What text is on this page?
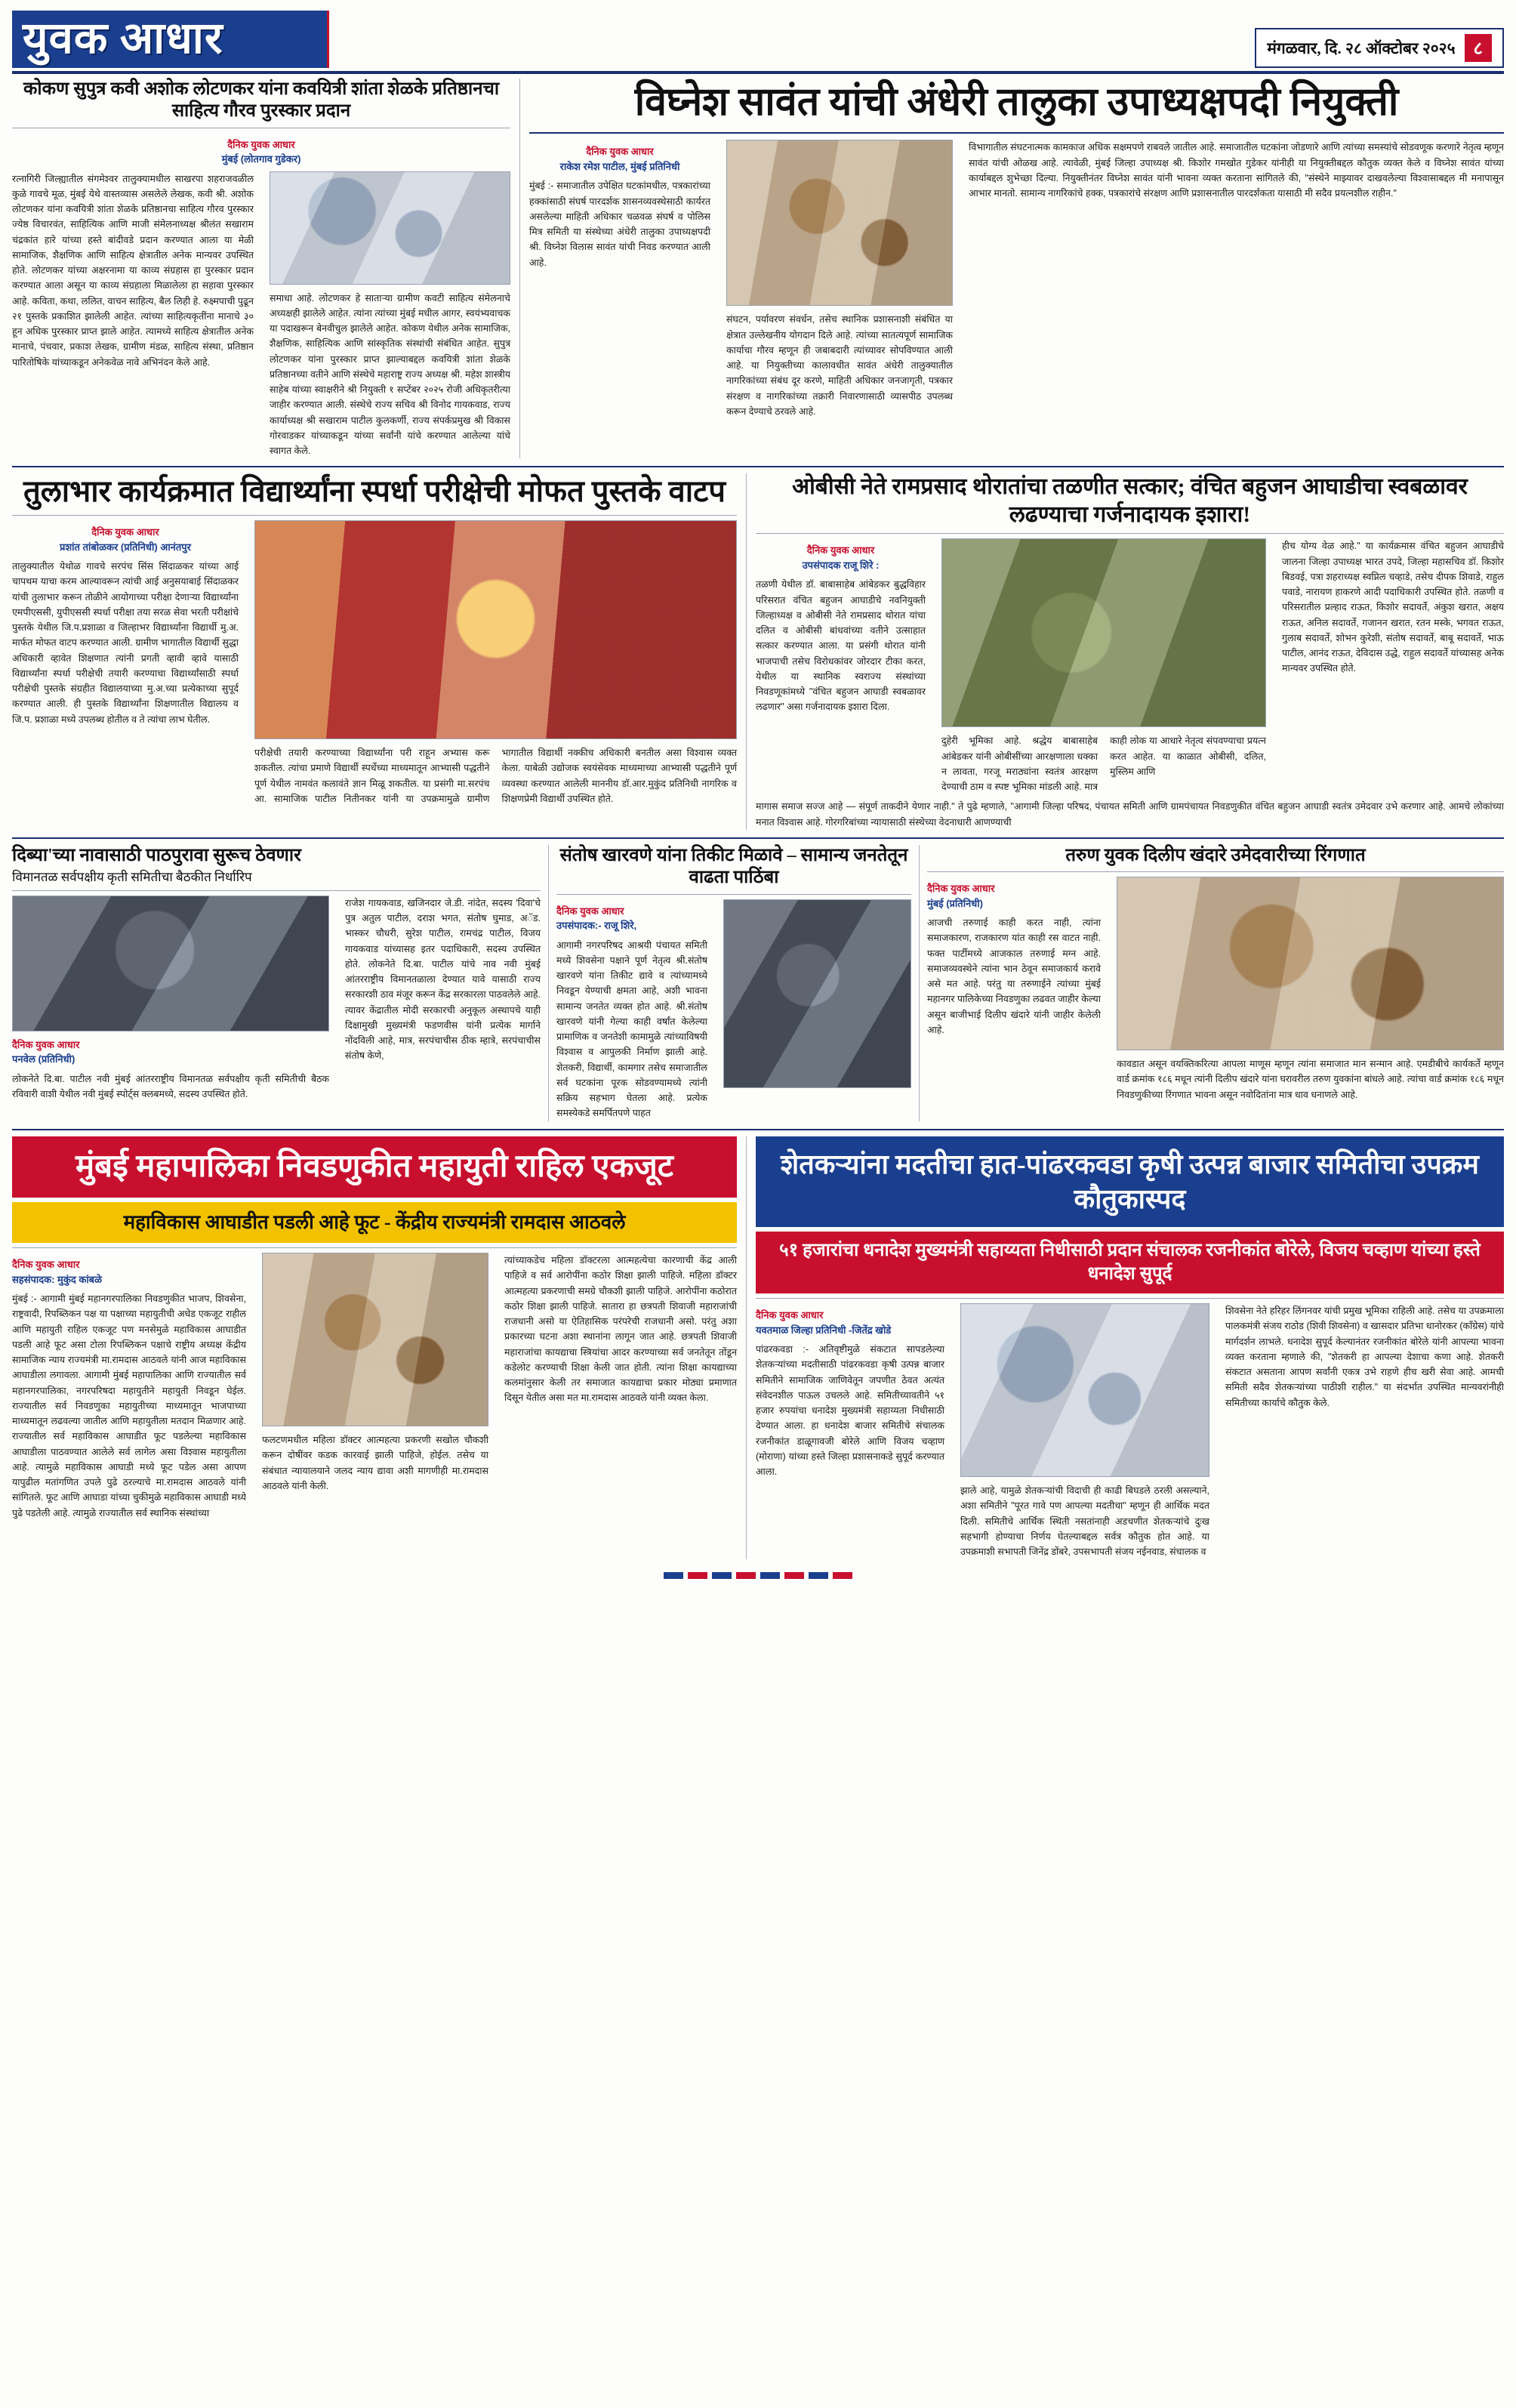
युवक आधार	मंगळवार, दि. २८ ऑक्टोबर २०२५	८
कोकण सुपुत्र कवी अशोक लोटणकर यांना कवयित्री शांता शेळके प्रतिष्ठानचा साहित्य गौरव पुरस्कार प्रदान
दैनिक युवक आधार
मुंबई (लोतगाव गुडेकर)
रत्नागिरी जिल्ह्यातील संगमेश्वर तालुक्यामधील साखरपा शहराजवळील कुळे गावचे मूळ, मुंबई येथे वास्तव्यास असलेले लेखक, कवी श्री. अशोक लोटणकर यांना कवयित्री शांता शेळके प्रतिष्ठानचा साहित्य गौरव पुरस्कार ज्येष्ठ विचारवंत, साहित्यिक आणि माजी संमेलनाध्यक्ष श्रीलंत सखाराम चंद्रकांत हारे यांच्या हस्ते बांदीवडे प्रदान करण्यात आला या मेळी सामाजिक, शैक्षणिक आणि साहित्य क्षेत्रातील अनेक मान्यवर उपस्थित होते. लोटणकर यांच्या अक्षरनामा या काव्य संग्रहास हा पुरस्कार प्रदान करण्यात आला असून या काव्य संग्रहाला मिळालेला हा सहावा पुरस्कार आहे. कविता, कथा, ललित, वाचन साहित्य, बैल लिही हे. रुक्ष्मपाची पुढून २१ पुस्तके प्रकाशित झालेली आहेत. त्यांच्या साहित्यकृतींना मानाचे ३० हून अधिक पुरस्कार प्राप्त झाले आहेत. त्यामध्ये साहित्य क्षेत्रातील अनेक मानाचे, पंचवार, प्रकाश लेखक, ग्रामीण मंडळ, साहित्य संस्था, प्रतिष्ठान पारितोषिके यांच्याकडून अनेकवेळ नावे अभिनंदन केले आहे.
समाधा आहे. लोटणकर हे साताऱ्या ग्रामीण कवटी साहित्य संमेलनाचे अध्यक्षही झालेले आहेत. त्यांना त्यांच्या मुंबई मधील आगर, स्वयंभ्यवाचक या पदाखरून बेनवीचुल झालेले आहेत. कोकण येथील अनेक सामाजिक, शैक्षणिक, साहित्यिक आणि सांस्कृतिक संस्थांची संबंधित आहेत. सुपुत्र लोटणकर यांना पुरस्कार प्राप्त झाल्याबद्दल कवयित्री शांता शेळके प्रतिष्ठानच्या वतीने आणि संस्थेचे महाराष्ट्र राज्य अध्यक्ष श्री. महेश शास्त्रीय साहेब यांच्या स्वाक्षरीने श्री नियुक्ती १ सप्टेंबर २०२५ रोजी अधिकृतरीत्या जाहीर करण्यात आली. संस्थेचे राज्य सचिव श्री विनोद गायकवाड, राज्य कार्याध्यक्ष श्री सखाराम पाटील कुलकर्णी, राज्य संपर्कप्रमुख श्री विकास गोरवाडकर यांच्याकडून यांच्या सर्वांनी यांचे करण्यात आलेल्या यांचे स्वागत केले.
विघ्नेश सावंत यांची अंधेरी तालुका उपाध्यक्षपदी नियुक्ती
दैनिक युवक आधार
राकेश रमेश पाटील, मुंबई प्रतिनिधी
मुंबई :- समाजातील उपेक्षित घटकांमधील, पत्रकारांच्या हक्कांसाठी संघर्ष पारदर्शक शासनव्यवस्थेसाठी कार्यरत असलेल्या माहिती अधिकार चळवळ संघर्ष व पोलिस मित्र समिती या संस्थेच्या अंधेरी तालुका उपाध्यक्षपदी श्री. विघ्नेश विलास सावंत यांची निवड करण्यात आली आहे.
संघटन, पर्यावरण संवर्धन, तसेच स्थानिक प्रशासनाशी संबंधित या क्षेत्रात उल्लेखनीय योगदान दिले आहे. त्यांच्या सातत्यपूर्ण सामाजिक कार्याचा गौरव म्हणून ही जबाबदारी त्यांच्यावर सोपविण्यात आली आहे. या नियुक्तीच्या कालावधीत सावंत अंधेरी तालुक्यातील नागरिकांच्या संबंध दूर करणे, माहिती अधिकार जनजागृती, पत्रकार संरक्षण व नागरिकांच्या तक्रारी निवारणासाठी व्यासपीठ उपलब्ध करून देण्याचे ठरवले आहे.
विभागातील संघटनात्मक कामकाज अधिक सक्षमपणे राबवले जातील आहे. समाजातील घटकांना जोडणारे आणि त्यांच्या समस्यांचे सोडवणूक करणारे नेतृत्व म्हणून सावंत यांची ओळख आहे. त्यावेळी, मुंबई जिल्हा उपाध्यक्ष श्री. किशोर गमखोत गुडेकर यांनीही या नियुक्तीबद्दल कौतुक व्यक्त केले व विघ्नेश सावंत यांच्या कार्याबद्दल शुभेच्छा दिल्या. नियुक्तीनंतर विघ्नेश सावंत यांनी भावना व्यक्त करताना सांगितले की, "संस्थेने माझ्यावर दाखवलेल्या विश्वासाबद्दल मी मनापासून आभार मानतो. सामान्य नागरिकांचे हक्क, पत्रकारांचे संरक्षण आणि प्रशासनातील पारदर्शकता यासाठी मी सदैव प्रयत्नशील राहीन."
तुलाभार कार्यक्रमात विद्यार्थ्यांना स्पर्धा परीक्षेची मोफत पुस्तके वाटप
दैनिक युवक आधार
प्रशांत तांबोळकर (प्रतिनिधी) आनंतपुर
तालुक्यातील येथोळ गावचे सरपंच सिंस सिंदाळकर यांच्या आई चापथम याचा करम आल्यावरून त्यांची आई अनुसयाबाई सिंदाळकर यांची तुलाभार करून तोळीने आयोगाच्या परीक्षा देणाऱ्या विद्यार्थ्यांना एमपीएससी, युपीएससी स्पर्धा परीक्षा तया सरळ सेवा भरती परीक्षांचे पुस्तके येथील जि.प.प्रशाळा व जिल्हाभर विद्यार्थ्यांना विद्यार्थी मु.अ. मार्फत मोफत वाटप करण्यात आली. ग्रामीण भागातील विद्यार्थी सुद्धा अधिकारी व्हावेत शिक्षणात त्यांनी प्रगती व्हावी व्हावे यासाठी विद्यार्थ्यांना स्पर्धा परीक्षेची तयारी करण्याचा विद्यार्थ्यांसाठी स्पर्धा परीक्षेची पुस्तके संग्रहीत विद्यालयाच्या मु.अ.च्या प्रत्येकाच्या सुपूर्द करण्यात आली. ही पुस्तके विद्यार्थ्यांना शिक्षणातील विद्यालय व जि.प. प्रशाळा मध्ये उपलब्ध होतील व ते त्यांचा लाभ घेतील.
परीक्षेची तयारी करण्याच्या विद्यार्थ्यांना परी राहून अभ्यास करू शकतील. त्यांचा प्रमाणे विद्यार्थी स्पर्धेच्या माध्यमातून आभ्यासी पद्धतीने पूर्ण येथील नामवंत कलावंते ज्ञान मिळू शकतील. या प्रसंगी मा.सरपंच आ. सामाजिक पाटील नितीनकर यांनी या उपक्रमामुळे ग्रामीण भागातील विद्यार्थी नक्कीच अधिकारी बनतील असा विश्वास व्यक्त केला. याबेळी उद्योजक स्वयंसेवक माध्यमाच्या आभ्यासी पद्धतीने पूर्ण व्यवस्था करण्यात आलेली माननीय डॉ.आर.मुकुंद प्रतिनिधी नागरिक व शिक्षणप्रेमी विद्यार्थी उपस्थित होते.
ओबीसी नेते रामप्रसाद थोरातांचा तळणीत सत्कार; वंचित बहुजन आघाडीचा स्वबळावर लढण्याचा गर्जनादायक इशारा!
दैनिक युवक आधार
उपसंपादक राजू शिरे :
तळणी येथील डॉ. बाबासाहेब आंबेडकर बुद्धविहार परिसरात वंचित बहुजन आघाडीचे नवनियुक्ती जिल्हाध्यक्ष व ओबीसी नेते रामप्रसाद थोरात यांचा दलित व ओबीसी बांधवांच्या वतीने उत्साहात सत्कार करण्यात आला. या प्रसंगी थोरात यांनी भाजपाची तसेच विरोधकांवर जोरदार टीका करत, येथील या स्थानिक स्वराज्य संस्थांच्या निवडणूकांमध्ये "वंचित बहुजन आघाडी स्वबळावर लढणार" असा गर्जनादायक इशारा दिला.
दुहेरी भूमिका आहे. श्रद्धेय बाबासाहेब आंबेडकर यांनी ओबीसींच्या आरक्षणाला धक्का न लावता, गरजू मराठ्यांना स्वतंत्र आरक्षण देण्याची ठाम व स्पष्ट भूमिका मांडली आहे. मात्र काही लोक या आधारे नेतृत्व संपवण्याचा प्रयत्न करत आहेत. या काळात ओबीसी, दलित, मुस्लिम आणि
हीच योग्य वेळ आहे." या कार्यक्रमास वंचित बहुजन आघाडीचे जालना जिल्हा उपाध्यक्ष भारत उपदे, जिल्हा महासचिव डॉ. किशोर बिडवई, पत्रा शहराध्यक्ष स्वप्निल चव्हाडे, तसेच दीपक शिवाडे, राहुल पवाडे, नारायण हाकरणे आदी पदाधिकारी उपस्थित होते. तळणी व परिसरातील प्रल्हाद राऊत, किशोर सदावर्ते, अंकुश खरात, अक्षय राऊत, अनिल सदावर्ते, गजानन खरात, रतन मस्के, भगवत राऊत, गुलाब सदावर्ते, शोभन कुरेशी, संतोष सदावर्ते, बाबू सदावर्ते, भाऊ पाटील, आनंद राऊत, देविदास उद्धे, राहुल सदावर्ते यांच्यासह अनेक मान्यवर उपस्थित होते.
मागास समाज सज्ज आहे — संपूर्ण ताकदीने येणार नाही." ते पुढे म्हणाले, "आगामी जिल्हा परिषद, पंचायत समिती आणि ग्रामपंचायत निवडणुकीत वंचित बहुजन आघाडी स्वतंत्र उमेदवार उभे करणार आहे. आमचे लोकांच्या मनात विश्वास आहे. गोरगरिबांच्या न्यायासाठी संस्थेच्या वेदनाधारी आणण्याची
दिब्या'च्या नावासाठी पाठपुरावा सुरूच ठेवणार
विमानतळ सर्वपक्षीय कृती समितीचा बैठकीत निर्धारिप
दैनिक युवक आधार
पनवेल (प्रतिनिधी)
लोकनेते दि.बा. पाटील नवी मुंबई आंतरराष्ट्रीय विमानतळ सर्वपक्षीय कृती समितीची बैठक रविवारी वाशी येथील नवी मुंबई स्पोर्ट्स क्लबमध्ये, सदस्य उपस्थित होते.
राजेश गायकवाड, खजिनदार जे.डी. नांदेत, सदस्य 'दिवा'चे पुत्र अतुल पाटील, दराश भगत, संतोष घुमाड, अॅड. भास्कर चौधरी, सुरेश पाटील, रामचंद्र पाटील, विजय गायकवाड यांच्यासह इतर पदाधिकारी, सदस्य उपस्थित होते. लोकनेते दि.बा. पाटील यांचे नाव नवी मुंबई आंतरराष्ट्रीय विमानतळाला देण्यात यावे यासाठी राज्य सरकारशी ठाव मंजूर करून केंद्र सरकारला पाठवलेले आहे. त्यावर केंद्रातील मोदी सरकारची अनुकूल अस्थापचे याही दिक्षामुखी मुख्यमंत्री फडणवीस यांनी प्रत्येक मार्गाने नोंदविली आहे, मात्र, सरपंचाचीस ठीक म्हात्रे, सरपंचाचीस संतोष केणे,
संतोष खारवणे यांना तिकीट मिळावे – सामान्य जनतेतून वाढता पाठिंबा
दैनिक युवक आधार
उपसंपादक:- राजू शिरे,
आगामी नगरपरिषद आश्रयी पंचायत समिती मध्ये शिवसेना पक्षाने पूर्ण नेतृत्व श्री.संतोष खारवणे यांना तिकीट द्यावे व त्यांच्यामध्ये निवडून येण्याची क्षमता आहे, अशी भावना सामान्य जनतेत व्यक्त होत आहे. श्री.संतोष खारवणे यांनी गेल्या काही वर्षांत केलेल्या प्रामाणिक व जनतेशी कामामुळे त्यांच्याविषयी विश्वास व आपुलकी निर्माण झाली आहे. शेतकरी, विद्यार्थी, कामगार तसेच समाजातील सर्व घटकांना पूरक सोडवण्यामध्ये त्यांनी सक्रिय सहभाग घेतला आहे. प्रत्येक समस्येकडे समर्पितपणे पाहत
तरुण युवक दिलीप खंदारे उमेदवारीच्या रिंगणात
दैनिक युवक आधार
मुंबई (प्रतिनिधी)
आजची तरुणाई काही करत नाही, त्यांना समाजकारण, राजकारण यांत काही रस वाटत नाही. फक्त पार्टीमध्ये आजकाल तरुणाई मग्न आहे. समाजव्यवस्थेने त्यांना भान ठेवून समाजकार्य करावे असे मत आहे. परंतु या तरुणाईने त्यांच्या मुंबई महानगर पालिकेच्या निवडणुका लढवत जाहीर केल्या असून बाजीभाई दिलीप खंदारे यांनी जाहीर केलेली आहे.
कावडात असून वयक्तिकरित्या आपला माणूस म्हणून त्यांना समाजात मान सन्मान आहे. एमडीबीचे कार्यकर्ते म्हणून वार्ड क्रमांक १८६ मधून त्यांनी दिलीप खंदारे यांना घरावरील तरुण युवकांना बांधले आहे. त्यांचा वार्ड क्रमांक १८६ मधून निवडणुकीच्या रिंगणात भावना असून नवोदितांना मात्र धाव धनाणले आहे.
मुंबई महापालिका निवडणुकीत महायुती राहिल एकजूट
महाविकास आघाडीत पडली आहे फूट - केंद्रीय राज्यमंत्री रामदास आठवले
दैनिक युवक आधार
सहसंपादक: मुकुंद कांबळे
मुंबई :- आगामी मुंबई महानगरपालिका निवडणुकीत भाजप, शिवसेना, राष्ट्रवादी, रिपब्लिकन पक्ष या पक्षाच्या महायुतीची अधेड एकजूट राहील आणि महायुती राहिल एकजूट पण मनसेमुळे महाविकास आघाडीत पडली आहे फूट असा टोला रिपब्लिकन पक्षाचे राष्ट्रीय अध्यक्ष केंद्रीय सामाजिक न्याय राज्यमंत्री मा.रामदास आठवले यांनी आज महाविकास आघाडीला लगावला. आगामी मुंबई महापालिका आणि राज्यातील सर्व महानगरपालिका, नगरपरिषदा महायुतीने महायुती निवडून घेईल. राज्यातील सर्व निवडणुका महायुतीच्या माध्यमातून भाजपाच्या माध्यमातून लढवल्या जातील आणि महायुतीला मतदान मिळणार आहे. राज्यातील सर्व महाविकास आघाडीत फूट पडलेल्या महाविकास आघाडीला पाठवण्यात आलेले सर्व लागेल असा विश्वास महायुतीला आहे. त्यामुळे महाविकास आघाडी मध्ये फूट पडेल असा आपण यापुढील मतांगणित उपले पुढे ठरल्याचे मा.रामदास आठवले यांनी सांगितले. फूट आणि आघाडा यांच्या चुकीमुळे महाविकास आघाडी मध्ये पुढे पडतेली आहे. त्यामुळे राज्यातील सर्व स्थानिक संस्थांच्या
फलटणमधील महिला डॉक्टर आत्महत्या प्रकरणी सखोल चौकशी करून दोषींवर कडक कारवाई झाली पाहिजे, होईल. तसेच या संबंधात न्यायालयाने जलद न्याय द्यावा अशी मागणीही मा.रामदास आठवले यांनी केली.
त्यांच्याकडेच महिला डॉक्टरला आत्महत्येचा कारणाची केंद्र आली पाहिजे व सर्व आरोपींना कठोर शिक्षा झाली पाहिजे. महिला डॉक्टर आत्महत्या प्रकरणाची समग्रे चौकशी झाली पाहिजे. आरोपींना कठोरात कठोर शिक्षा झाली पाहिजे. सातारा हा छत्रपती शिवाजी महाराजांची राजधानी असो या ऐतिहासिक परंपरेची राजधानी असो. परंतु अशा प्रकारच्या घटना अशा स्थानांना लागून जात आहे. छत्रपती शिवाजी महाराजांचा कायद्याचा स्त्रियांचा आदर करण्याच्या सर्व जनतेतून तोंडून कडेलोट करण्याची शिक्षा केली जात होती. त्यांना शिक्षा कायद्याच्या कलमांनुसार केली तर समाजात कायद्याचा प्रकार मोठ्या प्रमाणात दिसून येतील असा मत मा.रामदास आठवले यांनी व्यक्त केला.
शेतकऱ्यांना मदतीचा हात-पांढरकवडा कृषी उत्पन्न बाजार समितीचा उपक्रम कौतुकास्पद
५१ हजारांचा धनादेश मुख्यमंत्री सहाय्यता निधीसाठी प्रदान संचालक रजनीकांत बोरेले, विजय चव्हाण यांच्या हस्ते धनादेश सुपूर्द
दैनिक युवक आधार
यवतमाळ जिल्हा प्रतिनिधी -जितेंद्र खोडे
पांढरकवडा :- अतिवृष्टीमुळे संकटात सापडलेल्या शेतकऱ्यांच्या मदतीसाठी पांढरकवडा कृषी उत्पन्न बाजार समितीने सामाजिक जाणिवेतून जपणीत ठेवत अत्यंत संवेदनशील पाऊल उचलले आहे. समितीच्यावतीने ५१ हजार रुपयांचा धनादेश मुख्यमंत्री सहाय्यता निधीसाठी देण्यात आला. हा धनादेश बाजार समितीचे संचालक रजनीकांत डाळूगावजी बोरेले आणि विजय चव्हाण (मोराणा) यांच्या हस्ते जिल्हा प्रशासनाकडे सुपूर्द करण्यात आला.
झाले आहे, यामुळे शेतकऱ्यांची विदाची ही काढी बिघडले ठरली असल्याने, अशा समितीने "पूरत गावे पण आपल्या मदतीचा" म्हणून ही आर्थिक मदत दिली. समितीचे आर्थिक स्थिती नसतांनाही अडचणीत शेतकऱ्यांचे दुःख सहभागी होण्याचा निर्णय घेतल्याबद्दल सर्वत्र कौतुक होत आहे. या उपक्रमाशी सभापती जिनेंद्र डोंबरे, उपसभापती संजय नईनवाड, संचालक व
शिवसेना नेते हरिहर लिंगनवर यांची प्रमुख भूमिका राहिली आहे. तसेच या उपक्रमाला पालकमंत्री संजय राठोड (शिवी शिवसेना) व खासदार प्रतिभा धानोरकर (काँग्रेस) यांचे मार्गदर्शन लाभले. धनादेश सुपूर्द केल्यानंतर रजनीकांत बोरेले यांनी आपल्या भावना व्यक्त करताना म्हणाले की, "शेतकरी हा आपल्या देशाचा कणा आहे. शेतकरी संकटात असताना आपण सर्वांनी एकत्र उभे राहणे हीच खरी सेवा आहे. आमची समिती सदैव शेतकऱ्यांच्या पाठीशी राहील." या संदर्भात उपस्थित मान्यवरांनीही समितीच्या कार्याचे कौतुक केले.
